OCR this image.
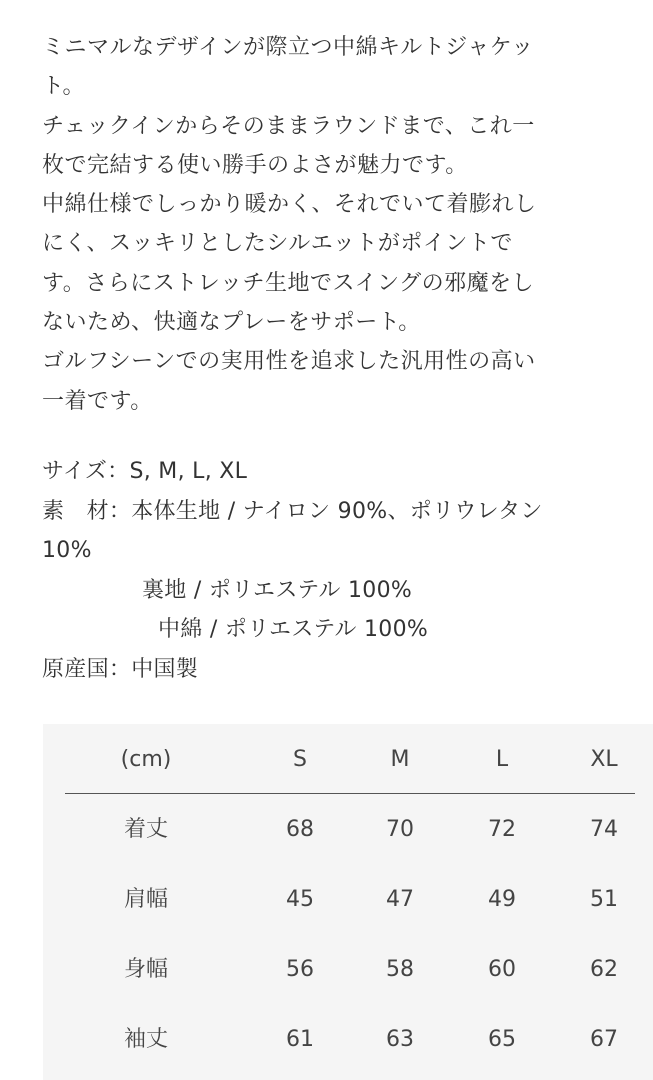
ミニマルなデザインが際立つ中綿キルトジャケッ
ト。
チェックインからそのままラウンドまで、これ一
枚で完結する使い勝手のよさが魅力です。
中綿仕様でしっかり暖かく、それでいて着膨れし
にく、スッキリとしたシルエットがポイントで
す。さらにストレッチ生地でスイングの邪魔をし
ないため、快適なプレーをサポート。
ゴルフシーンでの実用性を追求した汎用性の高い
一着です。
サイズ：S, M, L, XL
素　材：本体生地 / ナイロン 90%、ポリウレタン
10%
裏地 / ポリエステル 100%
中綿 / ポリエステル 100%
原産国：中国製
(cm)	S	M	L	XL
着丈	68	70	72	74
肩幅	45	47	49	51
身幅	56	58	60	62
袖丈	61	63	65	67
